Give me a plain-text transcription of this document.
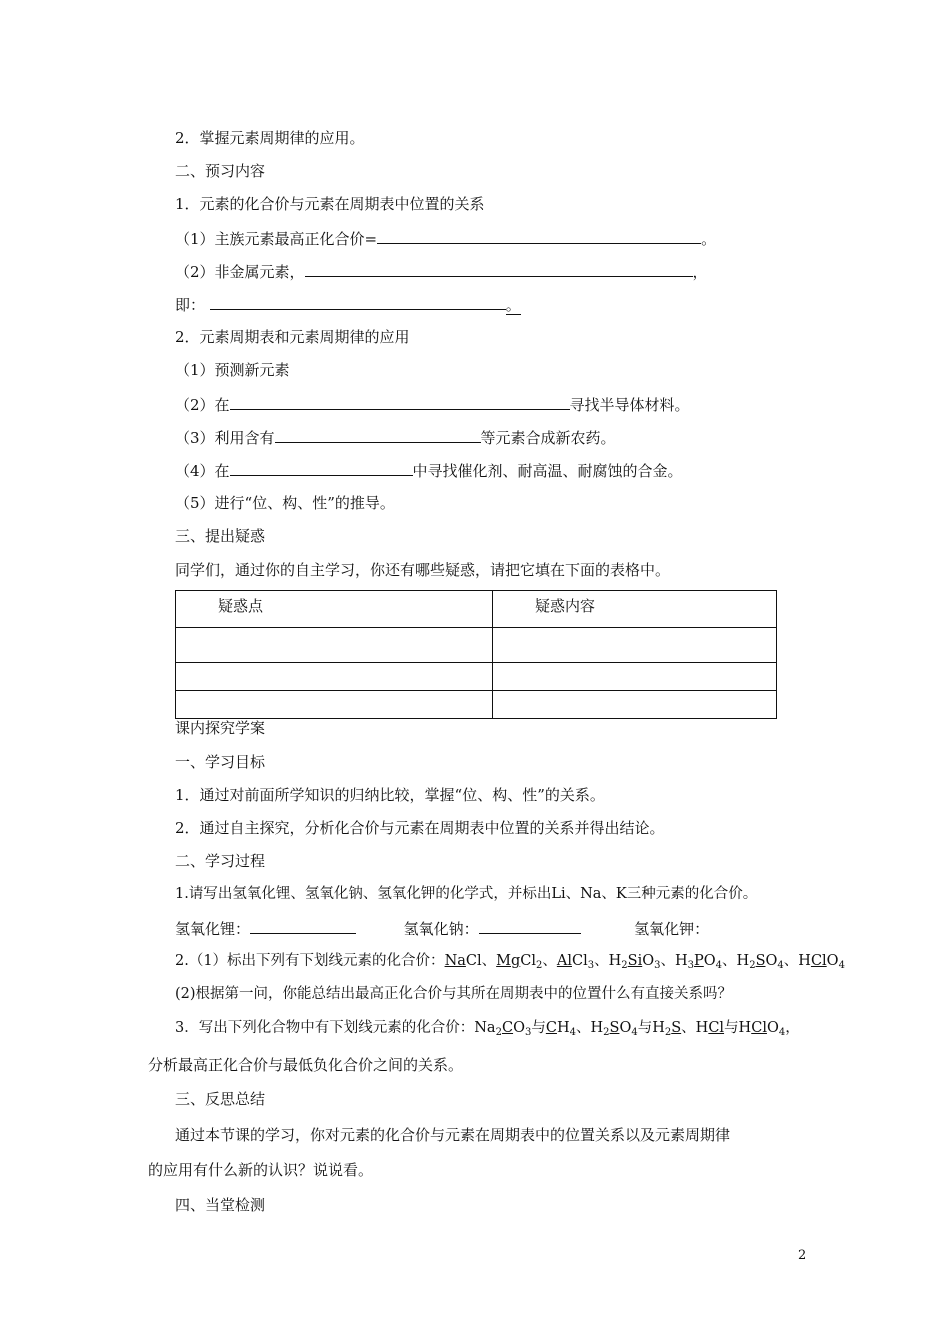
2．掌握元素周期律的应用。
二、预习内容
1．元素的化合价与元素在周期表中位置的关系
（1）主族元素最高正化合价=	。
（2）非金属元素，	，
即：	。
2．元素周期表和元素周期律的应用
（1）预测新元素
（2）在	寻找半导体材料。
（3）利用含有	等元素合成新农药。
（4）在	中寻找催化剂、耐高温、耐腐蚀的合金。
（5）进行“位、构、性”的推导。
三、提出疑惑
同学们，通过你的自主学习，你还有哪些疑惑，请把它填在下面的表格中。
疑惑点	疑惑内容

课内探究学案
一、学习目标
1．通过对前面所学知识的归纳比较，掌握“位、构、性”的关系。
2．通过自主探究，分析化合价与元素在周期表中位置的关系并得出结论。
二、学习过程
1.请写出氢氧化锂、氢氧化钠、氢氧化钾的化学式，并标出Li、Na、K三种元素的化合价。
氢氧化锂：	氢氧化钠：	氢氧化钾：
2.（1）标出下列有下划线元素的化合价：NaCl、MgCl$_2$、AlCl$_3$、$H_2SiO_3$、$H_3PO_4$、$H_2SO_4$、HClO$_4$
(2)根据第一问，你能总结出最高正化合价与其所在周期表中的位置什么有直接关系吗？
3．写出下列化合物中有下划线元素的化合价：$Na_2CO_3$与$CH_4$、$H_2SO_4$与$H_2S$、HCl与HClO$_4$，
分析最高正化合价与最低负化合价之间的关系。
三、反思总结
通过本节课的学习，你对元素的化合价与元素在周期表中的位置关系以及元素周期律
的应用有什么新的认识？说说看。
四、当堂检测
2
